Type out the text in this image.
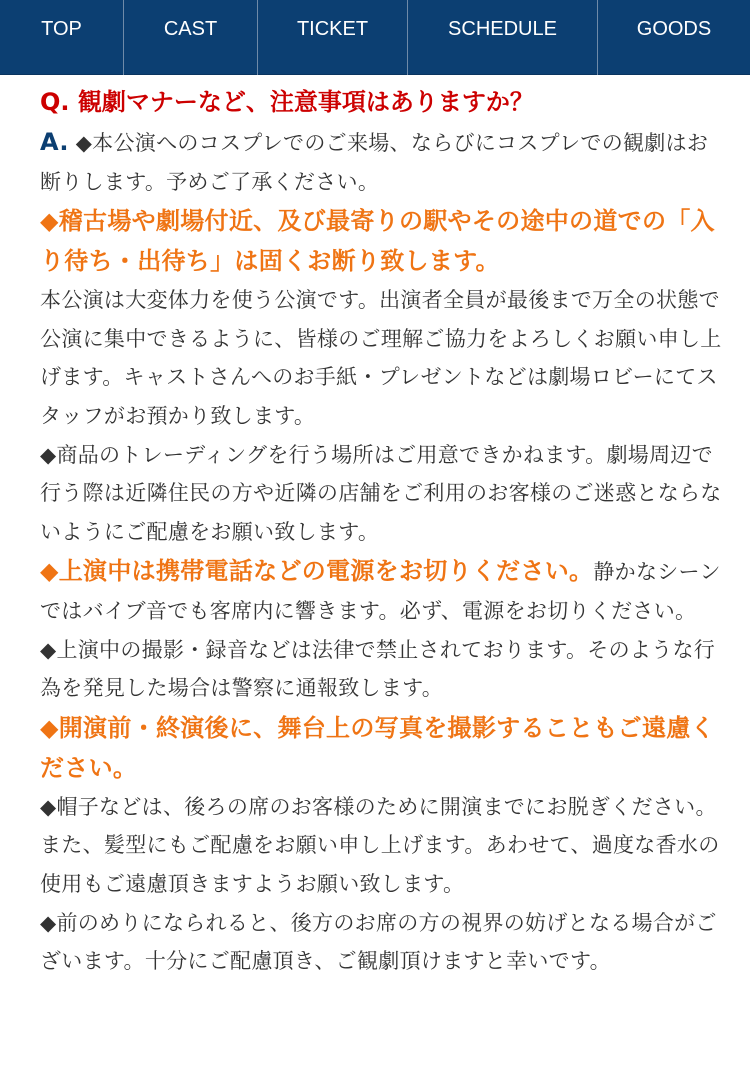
TOP	CAST	TICKET	SCHEDULE	GOODS
Q. 観劇マナーなど、注意事項はありますか？
A. ◆本公演へのコスプレでのご来場、ならびにコスプレでの観劇はお断りします。予めご了承ください。
◆稽古場や劇場付近、及び最寄りの駅やその途中の道での「入り待ち・出待ち」は固くお断り致します。
本公演は大変体力を使う公演です。出演者全員が最後まで万全の状態で公演に集中できるように、皆様のご理解ご協力をよろしくお願い申し上げます。キャストさんへのお手紙・プレゼントなどは劇場ロビーにてスタッフがお預かり致します。
◆商品のトレーディングを行う場所はご用意できかねます。劇場周辺で行う際は近隣住民の方や近隣の店舗をご利用のお客様のご迷惑とならないようにご配慮をお願い致します。
◆上演中は携帯電話などの電源をお切りください。静かなシーンではバイブ音でも客席内に響きます。必ず、電源をお切りください。
◆上演中の撮影・録音などは法律で禁止されております。そのような行為を発見した場合は警察に通報致します。
◆開演前・終演後に、舞台上の写真を撮影することもご遠慮ください。
◆帽子などは、後ろの席のお客様のために開演までにお脱ぎください。また、髪型にもご配慮をお願い申し上げます。あわせて、過度な香水の使用もご遠慮頂きますようお願い致します。
◆前のめりになられると、後方のお席の方の視界の妨げとなる場合がございます。十分にご配慮頂き、ご観劇頂けますと幸いです。
